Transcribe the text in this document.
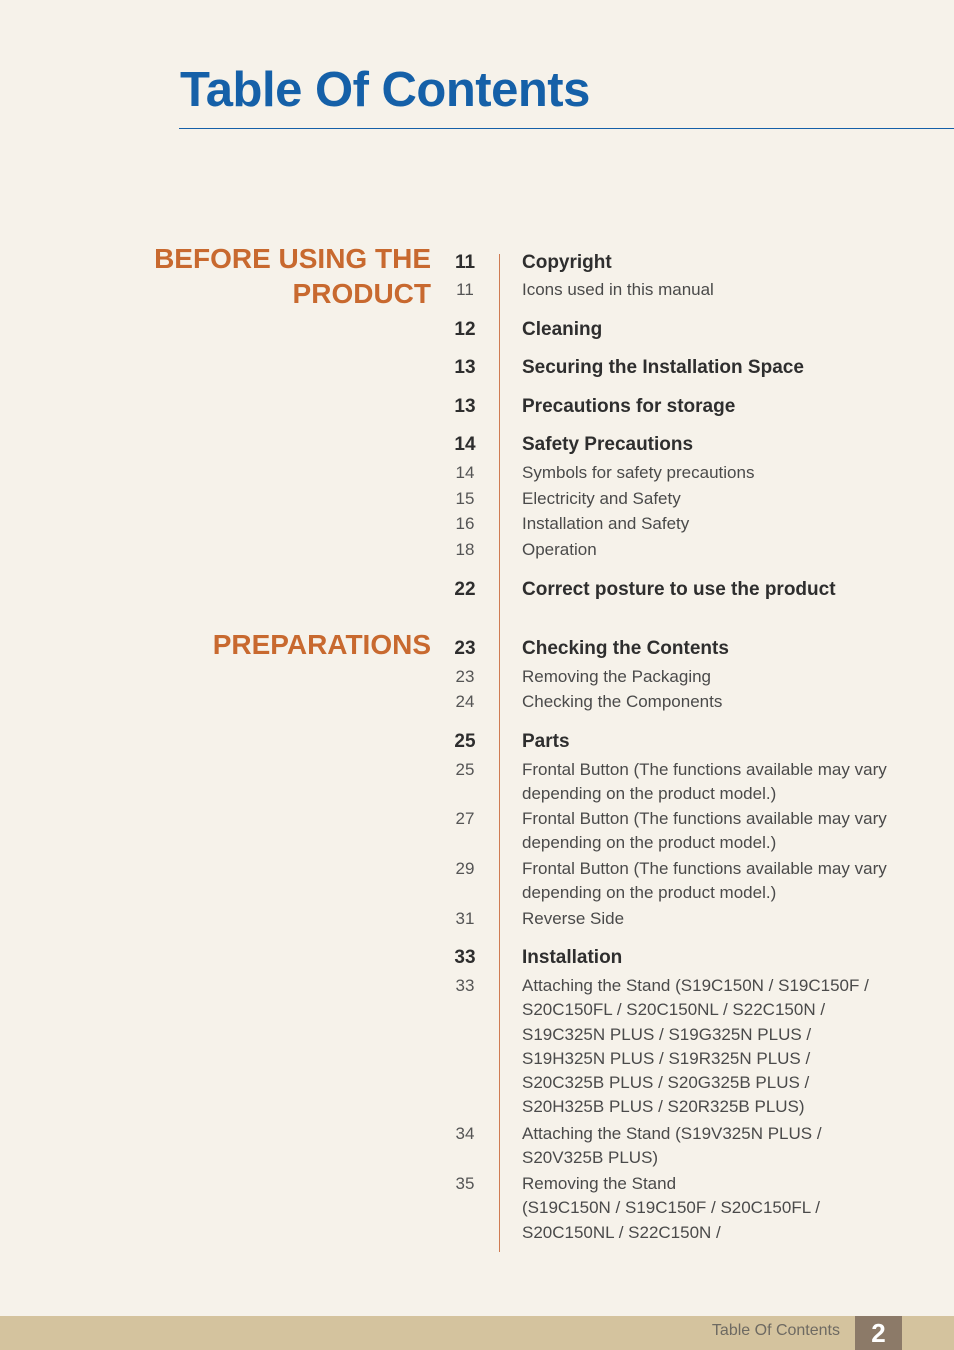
Table Of Contents
BEFORE USING THE
PRODUCT
PREPARATIONS
11	Copyright
11	Icons used in this manual
12	Cleaning
13	Securing the Installation Space
13	Precautions for storage
14	Safety Precautions
14	Symbols for safety precautions
15	Electricity and Safety
16	Installation and Safety
18	Operation
22	Correct posture to use the product
23	Checking the Contents
23	Removing the Packaging
24	Checking the Components
25	Parts
25	Frontal Button (The functions available may vary
depending on the product model.)
27	Frontal Button (The functions available may vary
depending on the product model.)
29	Frontal Button (The functions available may vary
depending on the product model.)
31	Reverse Side
33	Installation
33	Attaching the Stand (S19C150N / S19C150F /
S20C150FL / S20C150NL / S22C150N /
S19C325N PLUS / S19G325N PLUS /
S19H325N PLUS / S19R325N PLUS /
S20C325B PLUS / S20G325B PLUS /
S20H325B PLUS / S20R325B PLUS)
34	Attaching the Stand (S19V325N PLUS /
S20V325B PLUS)
35	Removing the Stand
(S19C150N / S19C150F / S20C150FL /
S20C150NL / S22C150N /
Table Of Contents	2
